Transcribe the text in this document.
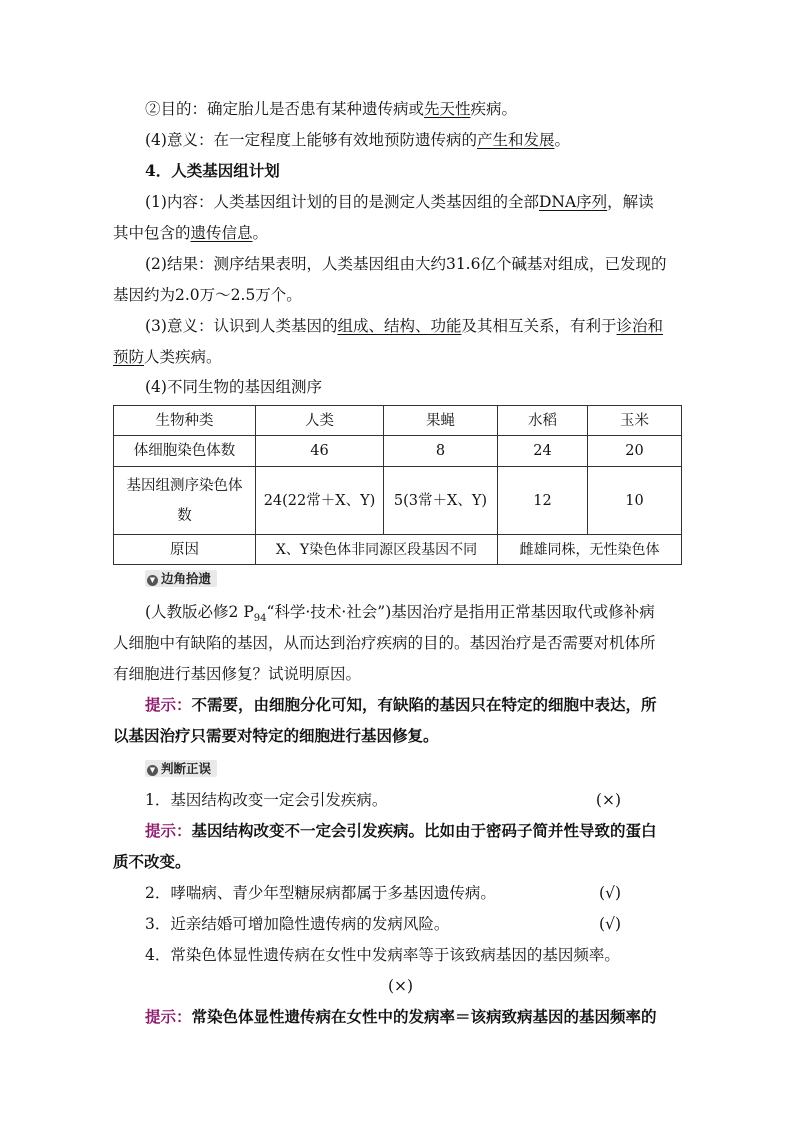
②目的：确定胎儿是否患有某种遗传病或先天性疾病。
(4)意义：在一定程度上能够有效地预防遗传病的产生和发展。
4．人类基因组计划
(1)内容：人类基因组计划的目的是测定人类基因组的全部DNA序列，解读
其中包含的遗传信息。
(2)结果：测序结果表明，人类基因组由大约31.6亿个碱基对组成，已发现的
基因约为2.0万～2.5万个。
(3)意义：认识到人类基因的组成、结构、功能及其相互关系，有利于诊治和
预防人类疾病。
(4)不同生物的基因组测序
生物种类	人类	果蝇	水稻	玉米
体细胞染色体数	46	8	24	20
基因组测序染色体
数	24(22常＋X、Y)	5(3常＋X、Y)	12	10
原因	X、Y染色体非同源区段基因不同		雌雄同株，无性染色体	
▼ 边角拾遗
(人教版必修2 $P_{94}“$科学·技术·社会”)基因治疗是指用正常基因取代或修补病
人细胞中有缺陷的基因，从而达到治疗疾病的目的。基因治疗是否需要对机体所
有细胞进行基因修复？试说明原因。
提示：不需要，由细胞分化可知，有缺陷的基因只在特定的细胞中表达，所
以基因治疗只需要对特定的细胞进行基因修复。
▼ 判断正误
1．基因结构改变一定会引发疾病。	(×)
提示：基因结构改变不一定会引发疾病。比如由于密码子简并性导致的蛋白
质不改变。
2．哮喘病、青少年型糖尿病都属于多基因遗传病。	(√)
3．近亲结婚可增加隐性遗传病的发病风险。	(√)
4．常染色体显性遗传病在女性中发病率等于该致病基因的基因频率。
(×)
提示：常染色体显性遗传病在女性中的发病率＝该病致病基因的基因频率的
